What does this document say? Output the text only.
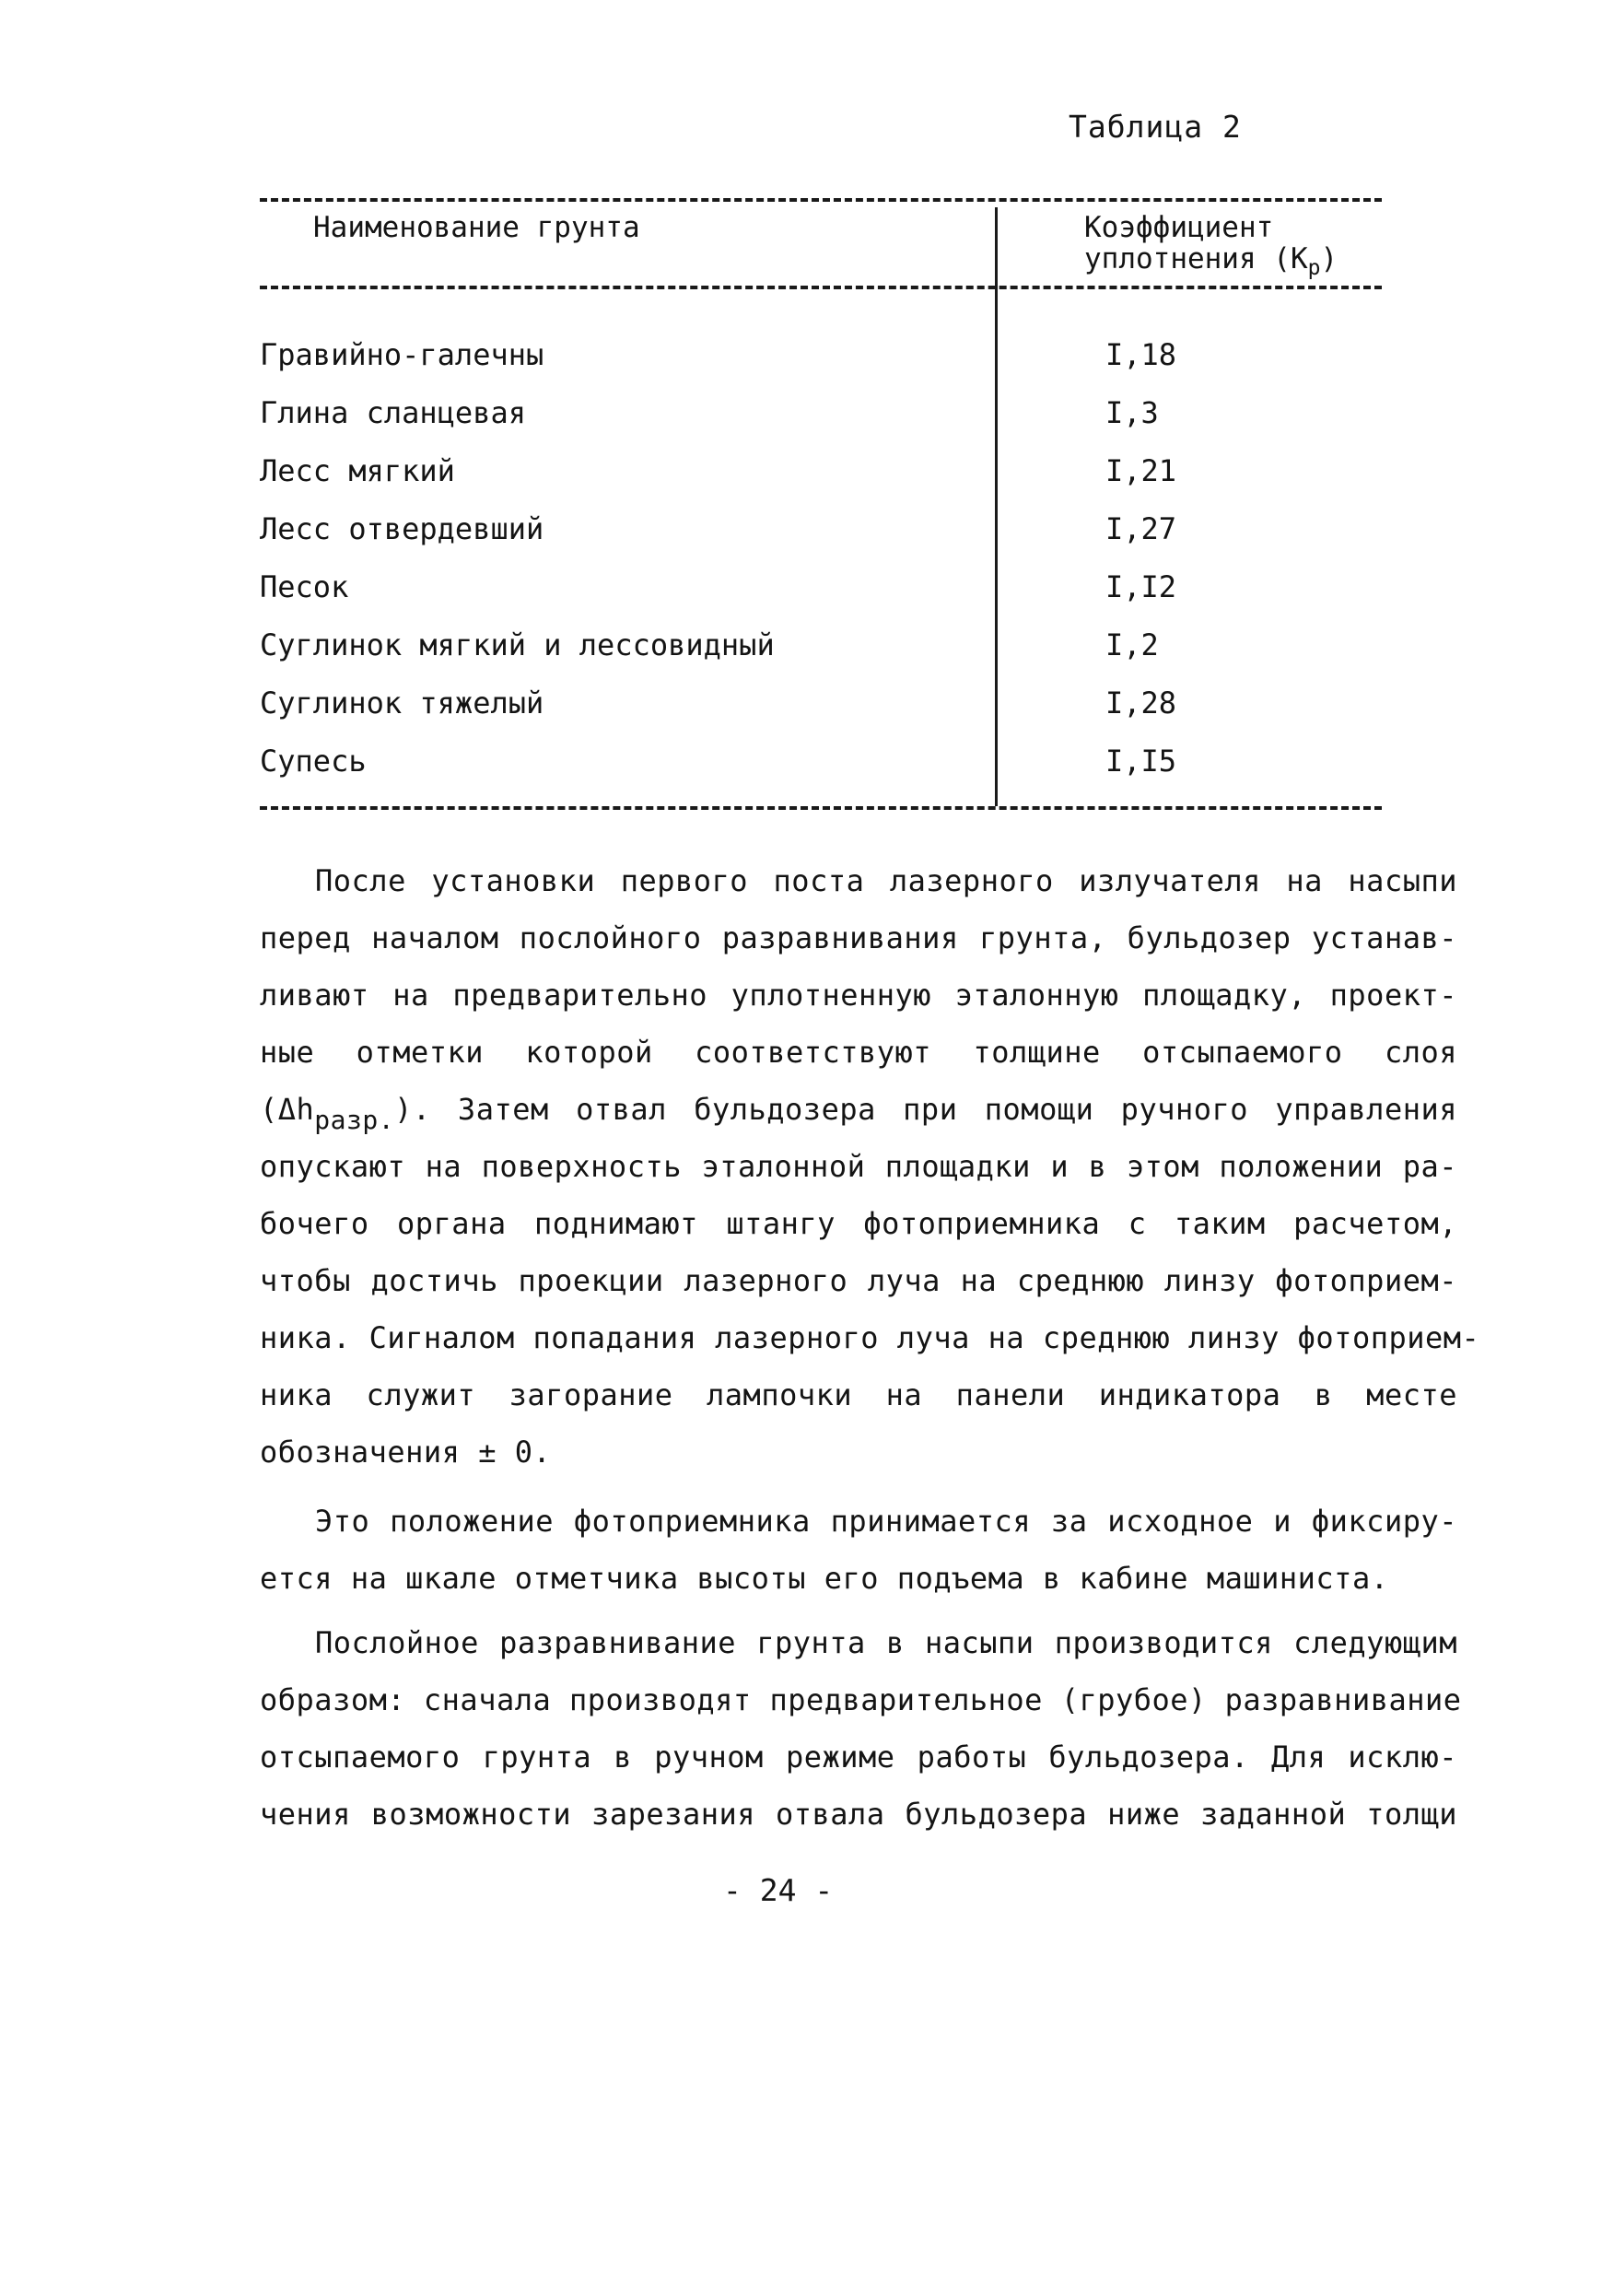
Таблица 2
Наименование грунта	Коэффициент
уплотнения $(К_р)$
Гравийно-галечны	I,18
Глина сланцевая	I,3
Лесс мягкий	I,21
Лесс отвердевший	I,27
Песок	I,I2
Суглинок мягкий и лессовидный	I,2
Суглинок тяжелый	I,28
Супесь	I,I5
После установки первого поста лазерного излучателя на насыпи
перед началом послойного разравнивания грунта, бульдозер устанав-
ливают на предварительно уплотненную эталонную площадку, проект-
ные отметки которой соответствуют толщине отсыпаемого слоя
(Δhразр.). Затем отвал бульдозера при помощи ручного управления
опускают на поверхность эталонной площадки и в этом положении ра-
бочего органа поднимают штангу фотоприемника с таким расчетом,
чтобы достичь проекции лазерного луча на среднюю линзу фотоприем-
ника. Сигналом попадания лазерного луча на среднюю линзу фотоприем-
ника служит загорание лампочки на панели индикатора в месте
обозначения ± 0.
Это положение фотоприемника принимается за исходное и фиксиру-
ется на шкале отметчика высоты его подъема в кабине машиниста.
Послойное разравнивание грунта в насыпи производится следующим
образом: сначала производят предварительное (грубое) разравнивание
отсыпаемого грунта в ручном режиме работы бульдозера. Для исклю-
чения возможности зарезания отвала бульдозера ниже заданной толщи
- 24 -
